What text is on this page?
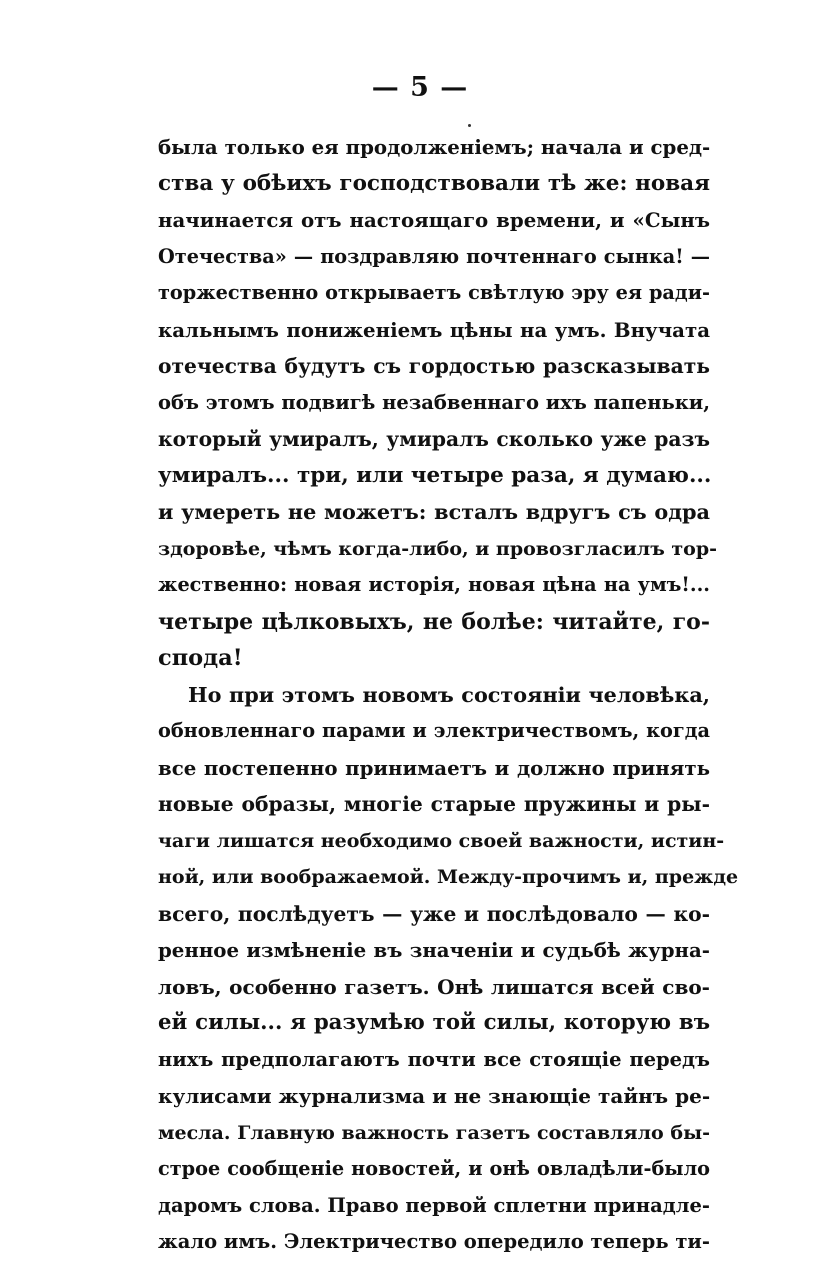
— 5 —
была только ея продолженiемъ; начала и сред-
ства у обѣихъ господствовали тѣ же: новая
начинается отъ настоящаго времени, и «Сынъ
Отечества» — поздравляю почтеннаго сынка! —
торжественно открываетъ свѣтлую эру ея ради-
кальнымъ пониженiемъ цѣны на умъ. Внучата
отечества будутъ съ гордостью разсказывать
объ этомъ подвигѣ незабвеннаго ихъ папеньки,
который умиралъ, умиралъ сколько уже разъ
умиралъ... три, или четыре раза, я думаю...
и умереть не можетъ: всталъ вдругъ съ одра
здоровѣе, чѣмъ когда-либо, и провозгласилъ тор-
жественно: новая исторiя, новая цѣна на умъ!...
четыре цѣлковыхъ, не болѣе: читайте, го-
спода!
Но при этомъ новомъ состоянiи человѣка,
обновленнаго парами и электричествомъ, когда
все постепенно принимаетъ и должно принять
новые образы, многiе старые пружины и ры-
чаги лишатся необходимо своей важности, истин-
ной, или воображаемой. Между-прочимъ и, прежде
всего, послѣдуетъ — уже и послѣдовало — ко-
ренное измѣненiе въ значенiи и судьбѣ журна-
ловъ, особенно газетъ. Онѣ лишатся всей сво-
ей силы... я разумѣю той силы, которую въ
нихъ предполагаютъ почти все стоящiе передъ
кулисами журнализма и не знающiе тайнъ ре-
месла. Главную важность газетъ составляло бы-
строе сообщенiе новостей, и онѣ овладѣли-было
даромъ слова. Право первой сплетни принадле-
жало имъ. Электричество опередило теперь ти-
